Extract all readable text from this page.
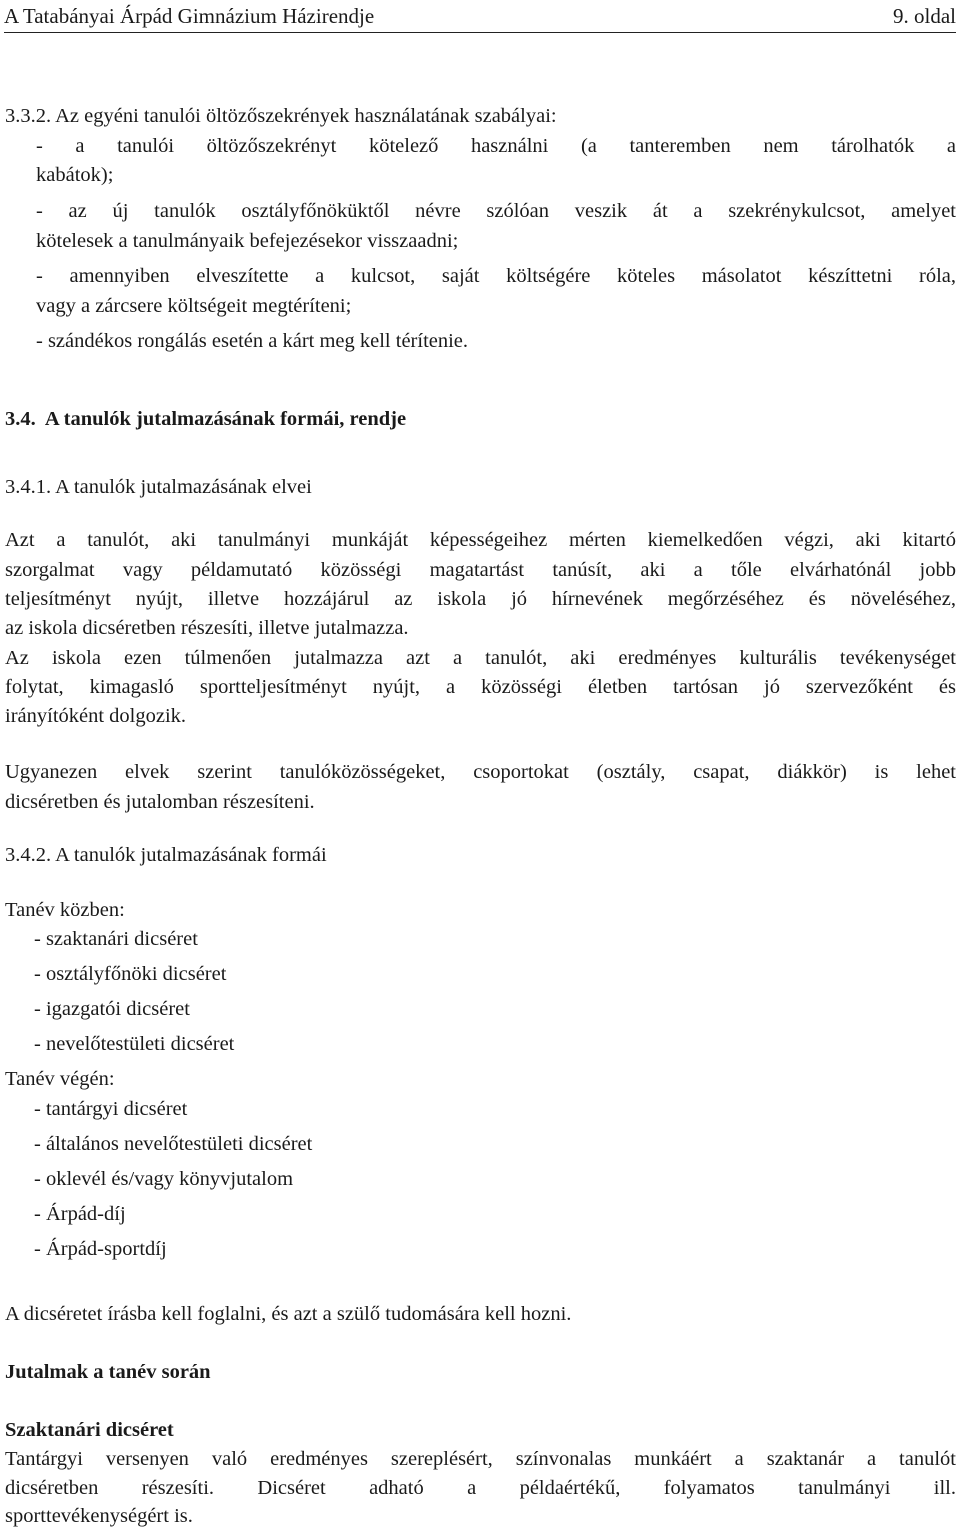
A Tatabányai Árpád Gimnázium Házirendje	9. oldal
3.3.2. Az egyéni tanulói öltözőszekrények használatának szabályai:
- a tanulói öltözőszekrényt kötelező használni (a tanteremben nem tárolhatók a
kabátok);
- az új tanulók osztályfőnöküktől névre szólóan veszik át a szekrénykulcsot, amelyet
kötelesek a tanulmányaik befejezésekor visszaadni;
- amennyiben elveszítette a kulcsot, saját költségére köteles másolatot készíttetni róla,
vagy a zárcsere költségeit megtéríteni;
- szándékos rongálás esetén a kárt meg kell térítenie.
3.4. A tanulók jutalmazásának formái, rendje
3.4.1. A tanulók jutalmazásának elvei
Azt a tanulót, aki tanulmányi munkáját képességeihez mérten kiemelkedően végzi, aki kitartó
szorgalmat vagy példamutató közösségi magatartást tanúsít, aki a tőle elvárhatónál jobb
teljesítményt nyújt, illetve hozzájárul az iskola jó hírnevének megőrzéséhez és növeléséhez,
az iskola dicséretben részesíti, illetve jutalmazza.
Az iskola ezen túlmenően jutalmazza azt a tanulót, aki eredményes kulturális tevékenységet
folytat, kimagasló sportteljesítményt nyújt, a közösségi életben tartósan jó szervezőként és
irányítóként dolgozik.
Ugyanezen elvek szerint tanulóközösségeket, csoportokat (osztály, csapat, diákkör) is lehet
dicséretben és jutalomban részesíteni.
3.4.2. A tanulók jutalmazásának formái
Tanév közben:
- szaktanári dicséret
- osztályfőnöki dicséret
- igazgatói dicséret
- nevelőtestületi dicséret
Tanév végén:
- tantárgyi dicséret
- általános nevelőtestületi dicséret
- oklevél és/vagy könyvjutalom
- Árpád-díj
- Árpád-sportdíj
A dicséretet írásba kell foglalni, és azt a szülő tudomására kell hozni.
Jutalmak a tanév során
Szaktanári dicséret
Tantárgyi versenyen való eredményes szereplésért, színvonalas munkáért a szaktanár a tanulót
dicséretben részesíti. Dicséret adható a példaértékű, folyamatos tanulmányi ill.
sporttevékenységért is.
